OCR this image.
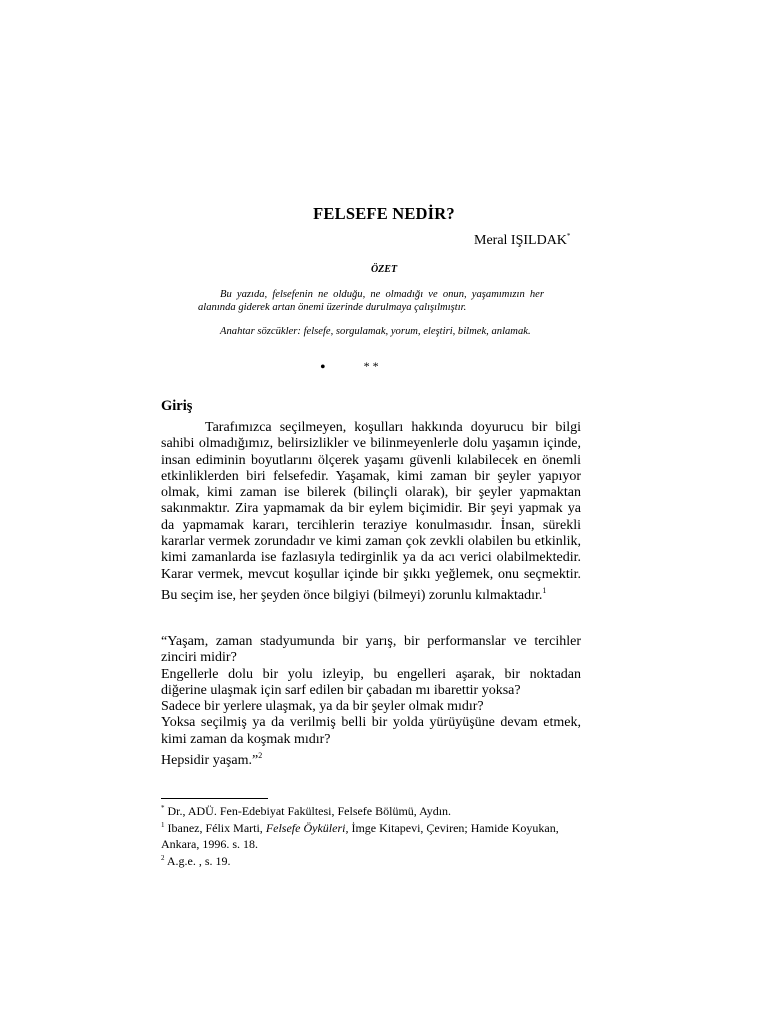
FELSEFE NEDİR?
Meral IŞILDAK*
ÖZET
Bu yazıda, felsefenin ne olduğu, ne olmadığı ve onun, yaşamımızın her alanında giderek artan önemi üzerinde durulmaya çalışılmıştır.
Anahtar sözcükler: felsefe, sorgulamak, yorum, eleştiri, bilmek, anlamak.
•	* *
Giriş
Tarafımızca seçilmeyen, koşulları hakkında doyurucu bir bilgi sahibi olmadığımız, belirsizlikler ve bilinmeyenlerle dolu yaşamın içinde, insan ediminin boyutlarını ölçerek yaşamı güvenli kılabilecek en önemli etkinliklerden biri felsefedir. Yaşamak, kimi zaman bir şeyler yapıyor olmak, kimi zaman ise bilerek (bilinçli olarak), bir şeyler yapmaktan sakınmaktır. Zira yapmamak da bir eylem biçimidir. Bir şeyi yapmak ya da yapmamak kararı, tercihlerin teraziye konulmasıdır. İnsan, sürekli kararlar vermek zorundadır ve kimi zaman çok zevkli olabilen bu etkinlik, kimi zamanlarda ise fazlasıyla tedirginlik ya da acı verici olabilmektedir. Karar vermek, mevcut koşullar içinde bir şıkkı yeğlemek, onu seçmektir. Bu seçim ise, her şeyden önce bilgiyi (bilmeyi) zorunlu kılmaktadır.$^1$
“Yaşam, zaman stadyumunda bir yarış, bir performanslar ve tercihler
zinciri midir?
Engellerle dolu bir yolu izleyip, bu engelleri aşarak, bir noktadan
diğerine ulaşmak için sarf edilen bir çabadan mı ibarettir yoksa?
Sadece bir yerlere ulaşmak, ya da bir şeyler olmak mıdır?
Yoksa seçilmiş ya da verilmiş belli bir yolda yürüyüşüne devam etmek,
kimi zaman da koşmak mıdır?
Hepsidir yaşam.”$^2$
* Dr., ADÜ. Fen-Edebiyat Fakültesi, Felsefe Bölümü, Aydın.
$^1$ Ibanez, Félix Marti, Felsefe Öyküleri, İmge Kitapevi, Çeviren; Hamide Koyukan, Ankara, 1996. s. 18.
$^2$ A.g.e. , s. 19.
